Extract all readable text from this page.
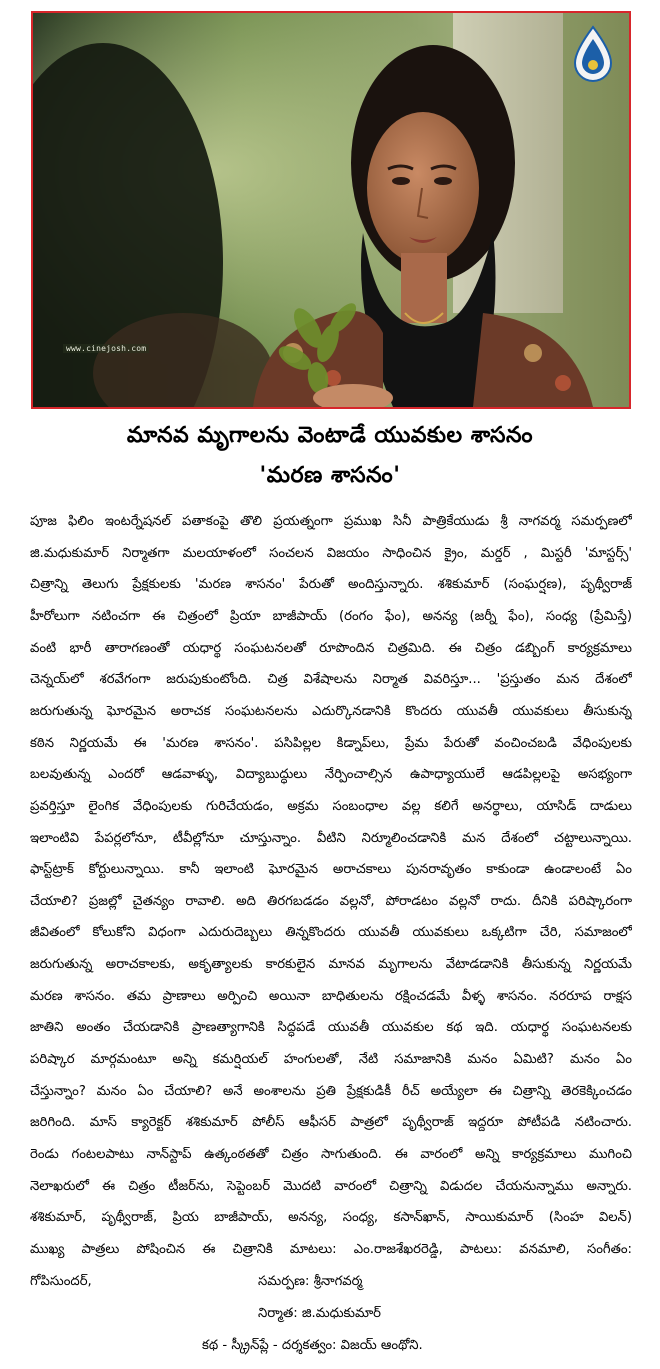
www.cinejosh.com
మానవ మృగాలను వెంటాడే యువకుల శాసనం
'మరణ శాసనం'
పూజ ఫిలిం ఇంటర్నేషనల్ పతాకంపై తొలి ప్రయత్నంగా ప్రముఖ సినీ పాత్రికేయుడు శ్రీ నాగవర్మ సమర్పణలో
జి.మధుకుమార్ నిర్మాతగా మలయాళంలో సంచలన విజయం సాధించిన క్రైం, మర్డర్ , మిస్టరీ 'మాస్టర్స్'
చిత్రాన్ని తెలుగు ప్రేక్షకులకు 'మరణ శాసనం' పేరుతో అందిస్తున్నారు. శశికుమార్ (సంఘర్షణ), పృథ్వీరాజ్
హీరోలుగా నటించగా ఈ చిత్రంలో ప్రియా బాజీపాయ్ (రంగం ఫేం), అనన్య (జర్నీ ఫేం), సంధ్య (ప్రేమిస్తే)
వంటి భారీ తారాగణంతో యధార్థ సంఘటనలతో రూపొందిన చిత్రమిది. ఈ చిత్రం డబ్బింగ్ కార్యక్రమాలు
చెన్నయ్‌లో శరవేగంగా జరుపుకుంటోంది. చిత్ర విశేషాలను నిర్మాత వివరిస్తూ... 'ప్రస్తుతం మన దేశంలో
జరుగుతున్న ఘోరమైన అరాచక సంఘటనలను ఎదుర్కొనడానికి కొందరు యువతీ యువకులు తీసుకున్న
కఠిన నిర్ణయమే ఈ 'మరణ శాసనం'. పసిపిల్లల కిడ్నాప్‌లు, ప్రేమ పేరుతో వంచించబడి వేధింపులకు
బలవుతున్న ఎందరో ఆడవాళ్ళు, విద్యాబుద్ధులు నేర్పించాల్సిన ఉపాధ్యాయులే ఆడపిల్లలపై అసభ్యంగా
ప్రవర్తిస్తూ లైంగిక వేధింపులకు గురిచేయడం, అక్రమ సంబంధాల వల్ల కలిగే అనర్థాలు, యాసిడ్ దాడులు
ఇలాంటివి పేపర్లలోనూ, టీవీల్లోనూ చూస్తున్నాం. వీటిని నిర్మూలించడానికి మన దేశంలో చట్టాలున్నాయి.
ఫాస్ట్‌ట్రాక్ కోర్టులున్నాయి. కానీ ఇలాంటి ఘోరమైన అరాచకాలు పునరావృతం కాకుండా ఉండాలంటే ఏం
చేయాలి? ప్రజల్లో చైతన్యం రావాలి. అది తిరగబడడం వల్లనో, పోరాడటం వల్లనో రాదు. దీనికి పరిష్కారంగా
జీవితంలో కోలుకోని విధంగా ఎదురుదెబ్బలు తిన్నకొందరు యువతీ యువకులు ఒక్కటిగా చేరి, సమాజంలో
జరుగుతున్న అరాచకాలకు, అకృత్యాలకు కారకులైన మానవ మృగాలను వేటాడడానికి తీసుకున్న నిర్ణయమే
మరణ శాసనం. తమ ప్రాణాలు అర్పించి అయినా బాధితులను రక్షించడమే వీళ్ళ శాసనం. నరరూప రాక్షస
జాతిని అంతం చేయడానికి ప్రాణత్యాగానికి సిద్ధపడే యువతీ యువకుల కథ ఇది. యధార్థ సంఘటనలకు
పరిష్కార మార్గమంటూ అన్ని కమర్షియల్ హంగులతో, నేటి సమాజానికి మనం ఏమిటి? మనం ఏం
చేస్తున్నాం? మనం ఏం చేయాలి? అనే అంశాలను ప్రతి ప్రేక్షకుడికీ రీచ్ అయ్యేలా ఈ చిత్రాన్ని తెరకెక్కించడం
జరిగింది. మాస్ క్యారెక్టర్ శశికుమార్ పోలీస్ ఆఫీసర్ పాత్రలో పృథ్వీరాజ్ ఇద్దరూ పోటీపడి నటించారు.
రెండు గంటలపాటు నాన్‌స్టాప్ ఉత్కంఠతతో చిత్రం సాగుతుంది. ఈ వారంలో అన్ని కార్యక్రమాలు ముగించి
నెలాఖరులో ఈ చిత్రం టీజర్‌ను, సెప్టెంబర్ మొదటి వారంలో చిత్రాన్ని విడుదల చేయనున్నాము అన్నారు.
శశికుమార్, పృథ్వీరాజ్, ప్రియ బాజీపాయ్, అనన్య, సంధ్య, కసాన్‌ఖాన్, సాయికుమార్ (సింహ విలన్)
ముఖ్య పాత్రలు పోషించిన ఈ చిత్రానికి మాటలు: ఎం.రాజశేఖరరెడ్డి, పాటలు: వనమాలి, సంగీతం:
గోపిసుందర్,	సమర్పణ: శ్రీనాగవర్మ
నిర్మాత: జి.మధుకుమార్
కథ - స్క్రీన్‌ప్లే - దర్శకత్వం: విజయ్ ఆంథోని.
